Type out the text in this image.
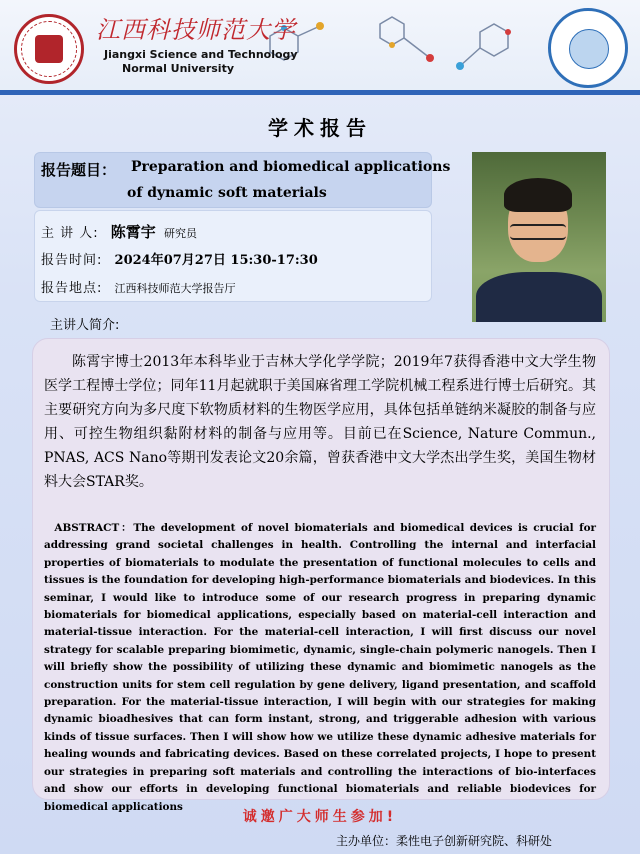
江西科技师范大学
Jiangxi Science and Technology
Normal University
学术报告
报告题目： Preparation and biomedical applications
of dynamic soft materials
主 讲 人: 陈霄宇 研究员
报告时间: 2024年07月27日 15:30-17:30
报告地点: 江西科技师范大学报告厅
主讲人简介:
陈霄宇博士2013年本科毕业于吉林大学化学学院；2019年7获得香港中文大学生物医学工程博士学位；同年11月起就职于美国麻省理工学院机械工程系进行博士后研究。其主要研究方向为多尺度下软物质材料的生物医学应用，具体包括单链纳米凝胶的制备与应用、可控生物组织黏附材料的制备与应用等。目前已在Science, Nature Commun., PNAS, ACS Nano等期刊发表论文20余篇，曾获香港中文大学杰出学生奖，美国生物材料大会STAR奖。
ABSTRACT：The development of novel biomaterials and biomedical devices is crucial for addressing grand societal challenges in health. Controlling the internal and interfacial properties of biomaterials to modulate the presentation of functional molecules to cells and tissues is the foundation for developing high-performance biomaterials and biodevices. In this seminar, I would like to introduce some of our research progress in preparing dynamic biomaterials for biomedical applications, especially based on material-cell interaction and material-tissue interaction. For the material-cell interaction, I will first discuss our novel strategy for scalable preparing biomimetic, dynamic, single-chain polymeric nanogels. Then I will briefly show the possibility of utilizing these dynamic and biomimetic nanogels as the construction units for stem cell regulation by gene delivery, ligand presentation, and scaffold preparation. For the material-tissue interaction, I will begin with our strategies for making dynamic bioadhesives that can form instant, strong, and triggerable adhesion with various kinds of tissue surfaces. Then I will show how we utilize these dynamic adhesive materials for healing wounds and fabricating devices. Based on these correlated projects, I hope to present our strategies in preparing soft materials and controlling the interactions of bio-interfaces and show our efforts in developing functional biomaterials and reliable biodevices for biomedical applications
诚邀广大师生参加!
主办单位：柔性电子创新研究院、科研处
